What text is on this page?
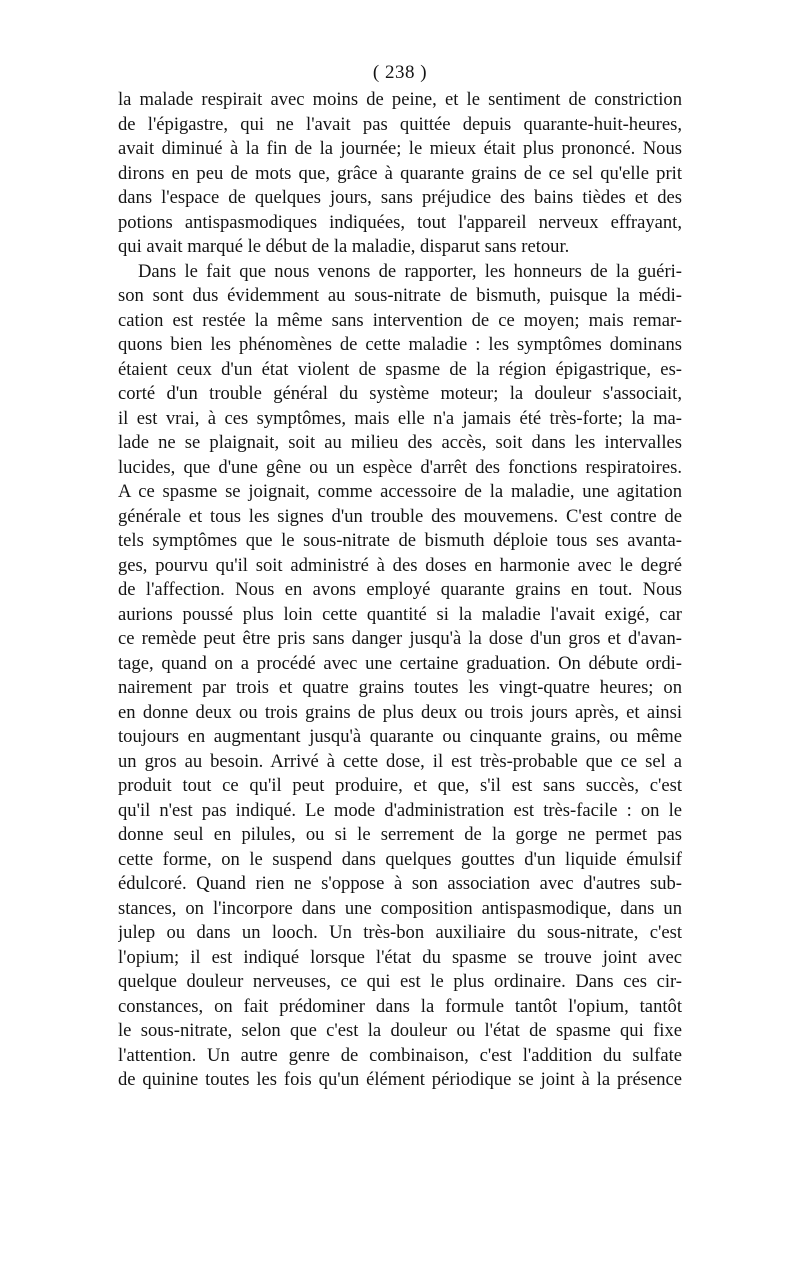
( 238 )
la malade respirait avec moins de peine, et le sentiment de constriction
de l'épigastre, qui ne l'avait pas quittée depuis quarante-huit-heures,
avait diminué à la fin de la journée; le mieux était plus prononcé. Nous
dirons en peu de mots que, grâce à quarante grains de ce sel qu'elle prit
dans l'espace de quelques jours, sans préjudice des bains tièdes et des
potions antispasmodiques indiquées, tout l'appareil nerveux effrayant,
qui avait marqué le début de la maladie, disparut sans retour.
Dans le fait que nous venons de rapporter, les honneurs de la guéri-
son sont dus évidemment au sous-nitrate de bismuth, puisque la médi-
cation est restée la même sans intervention de ce moyen; mais remar-
quons bien les phénomènes de cette maladie : les symptômes dominans
étaient ceux d'un état violent de spasme de la région épigastrique, es-
corté d'un trouble général du système moteur; la douleur s'associait,
il est vrai, à ces symptômes, mais elle n'a jamais été très-forte; la ma-
lade ne se plaignait, soit au milieu des accès, soit dans les intervalles
lucides, que d'une gêne ou un espèce d'arrêt des fonctions respiratoires.
A ce spasme se joignait, comme accessoire de la maladie, une agitation
générale et tous les signes d'un trouble des mouvemens. C'est contre de
tels symptômes que le sous-nitrate de bismuth déploie tous ses avanta-
ges, pourvu qu'il soit administré à des doses en harmonie avec le degré
de l'affection. Nous en avons employé quarante grains en tout. Nous
aurions poussé plus loin cette quantité si la maladie l'avait exigé, car
ce remède peut être pris sans danger jusqu'à la dose d'un gros et d'avan-
tage, quand on a procédé avec une certaine graduation. On débute ordi-
nairement par trois et quatre grains toutes les vingt-quatre heures; on
en donne deux ou trois grains de plus deux ou trois jours après, et ainsi
toujours en augmentant jusqu'à quarante ou cinquante grains, ou même
un gros au besoin. Arrivé à cette dose, il est très-probable que ce sel a
produit tout ce qu'il peut produire, et que, s'il est sans succès, c'est
qu'il n'est pas indiqué. Le mode d'administration est très-facile : on le
donne seul en pilules, ou si le serrement de la gorge ne permet pas
cette forme, on le suspend dans quelques gouttes d'un liquide émulsif
édulcoré. Quand rien ne s'oppose à son association avec d'autres sub-
stances, on l'incorpore dans une composition antispasmodique, dans un
julep ou dans un looch. Un très-bon auxiliaire du sous-nitrate, c'est
l'opium; il est indiqué lorsque l'état du spasme se trouve joint avec
quelque douleur nerveuses, ce qui est le plus ordinaire. Dans ces cir-
constances, on fait prédominer dans la formule tantôt l'opium, tantôt
le sous-nitrate, selon que c'est la douleur ou l'état de spasme qui fixe
l'attention. Un autre genre de combinaison, c'est l'addition du sulfate
de quinine toutes les fois qu'un élément périodique se joint à la présence
